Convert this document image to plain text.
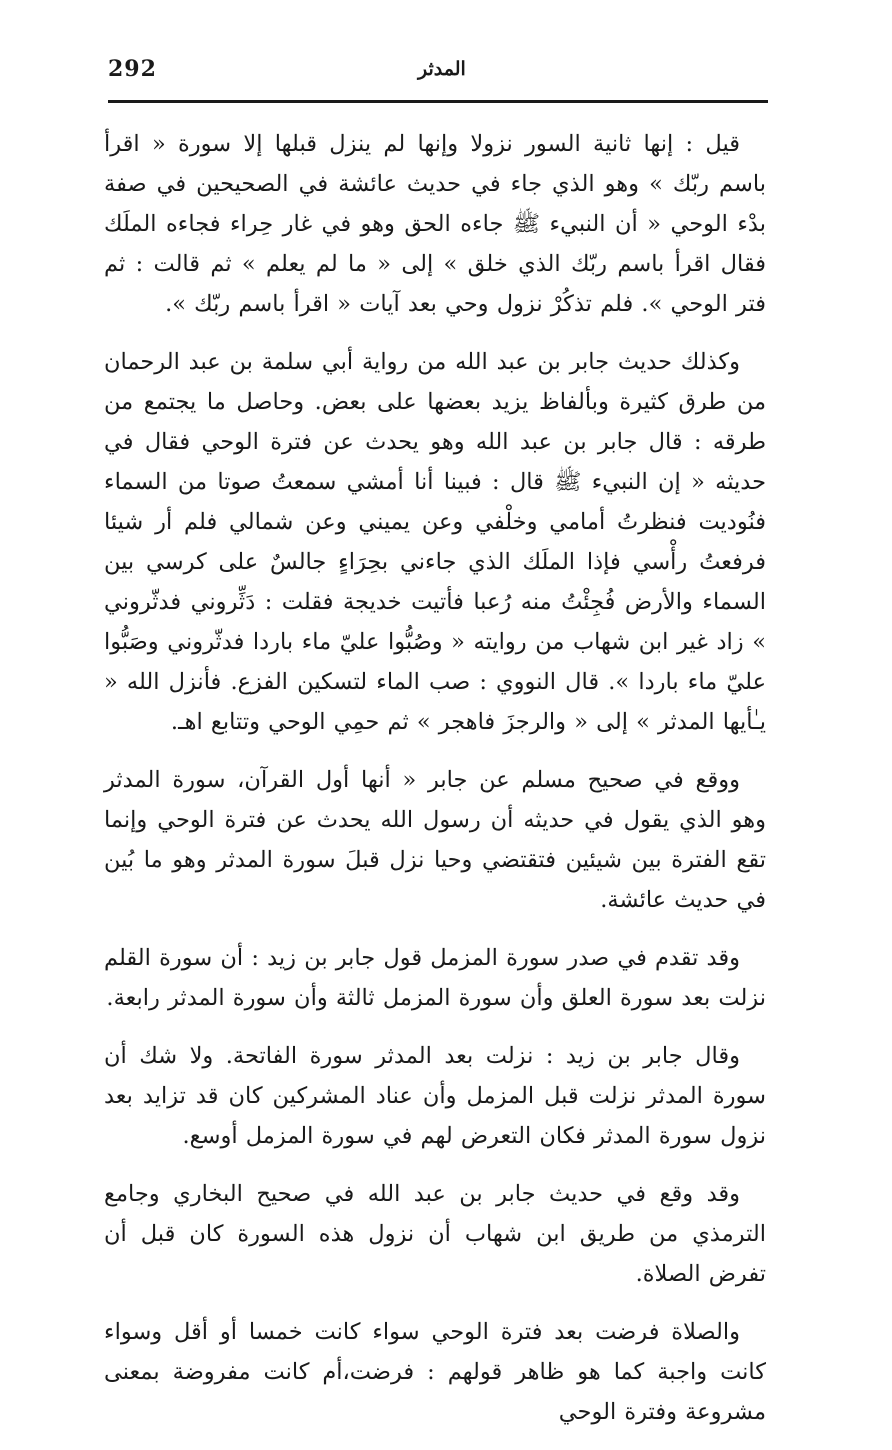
292	المدثر

قيل : إنها ثانية السور نزولا وإنها لم ينزل قبلها إلا سورة « اقرأ باسم ربّك » وهو الذي جاء في حديث عائشة في الصحيحين في صفة بدْء الوحي « أن النبيء ﷺ جاءه الحق وهو في غار حِراء فجاءه الملَك فقال اقرأ باسم ربّك الذي خلق » إلى « ما لم يعلم » ثم قالت : ثم فتر الوحي ». فلم تذكُرْ نزول وحي بعد آيات « اقرأ باسم ربّك ».

وكذلك حديث جابر بن عبد الله من رواية أبي سلمة بن عبد الرحمان من طرق كثيرة وبألفاظ يزيد بعضها على بعض. وحاصل ما يجتمع من طرقه : قال جابر بن عبد الله وهو يحدث عن فترة الوحي فقال في حديثه « إن النبيء ﷺ قال : فبينا أنا أمشي سمعتُ صوتا من السماء فنُوديت فنظرتُ أمامي وخلْفي وعن يميني وعن شمالي فلم أر شيئا فرفعتُ رأْسي فإذا الملَك الذي جاءني بحِرَاءٍ جالسٌ على كرسي بين السماء والأرض فُجِئْتُ منه رُعبا فأتيت خديجة فقلت : دَثِّروني فدثّروني » زاد غير ابن شهاب من روايته « وصُبُّوا عليّ ماء باردا فدثّروني وصَبُّوا عليّ ماء باردا ». قال النووي : صب الماء لتسكين الفزع. فأنزل الله « يـٰأيها المدثر » إلى « والرجزَ فاهجر » ثم حمِي الوحي وتتابع اهـ.

ووقع في صحيح مسلم عن جابر « أنها أول القرآن، سورة المدثر وهو الذي يقول في حديثه أن رسول الله يحدث عن فترة الوحي وإنما تقع الفترة بين شيئين فتقتضي وحيا نزل قبلَ سورة المدثر وهو ما بُين في حديث عائشة.

وقد تقدم في صدر سورة المزمل قول جابر بن زيد : أن سورة القلم نزلت بعد سورة العلق وأن سورة المزمل ثالثة وأن سورة المدثر رابعة.

وقال جابر بن زيد : نزلت بعد المدثر سورة الفاتحة. ولا شك أن سورة المدثر نزلت قبل المزمل وأن عناد المشركين كان قد تزايد بعد نزول سورة المدثر فكان التعرض لهم في سورة المزمل أوسع.

وقد وقع في حديث جابر بن عبد الله في صحيح البخاري وجامع الترمذي من طريق ابن شهاب أن نزول هذه السورة كان قبل أن تفرض الصلاة.

والصلاة فرضت بعد فترة الوحي سواء كانت خمسا أو أقل وسواء كانت واجبة كما هو ظاهر قولهم : فرضت،أم كانت مفروضة بمعنى مشروعة وفترة الوحي
